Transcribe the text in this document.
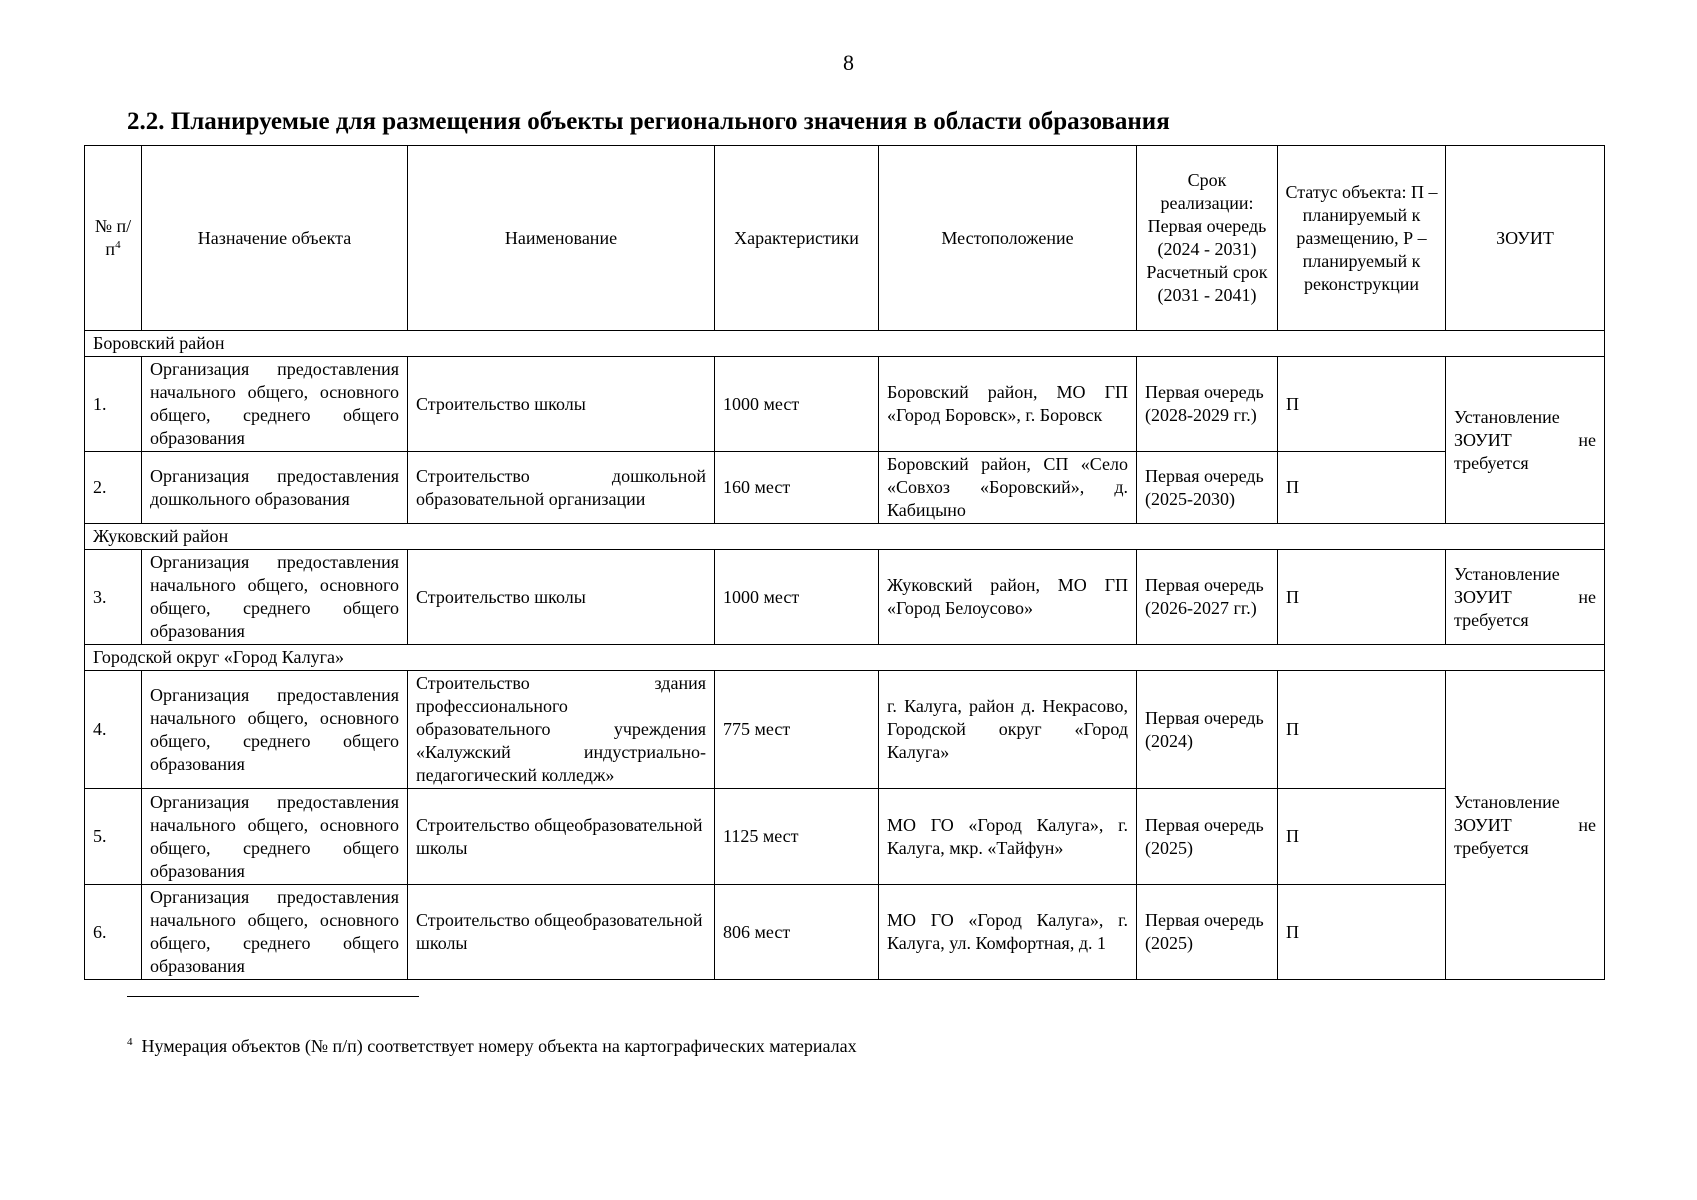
8
2.2. Планируемые для размещения объекты регионального значения в области образования
№ $п/п^4$	Назначение объекта	Наименование	Характеристики	Местоположение	Срок реализации: Первая очередь (2024 - 2031) Расчетный срок (2031 - 2041)	Статус объекта: П – планируемый к размещению, Р – планируемый к реконструкции	ЗОУИТ
Боровский район							
1.	Организация предоставления начального общего, основного общего, среднего общего образования	Строительство школы	1000 мест	Боровский район, МО ГП «Город Боровск», г. Боровск	Первая очередь (2028-2029 гг.)	П	Установление ЗОУИТ не требуется
2.	Организация предоставления дошкольного образования	Строительство дошкольной образовательной организации	160 мест	Боровский район, СП «Село «Совхоз «Боровский», д. Кабицыно	Первая очередь (2025-2030)	П	
Жуковский район							
3.	Организация предоставления начального общего, основного общего, среднего общего образования	Строительство школы	1000 мест	Жуковский район, МО ГП «Город Белоусово»	Первая очередь (2026-2027 гг.)	П	Установление ЗОУИТ не требуется
Городской округ «Город Калуга»							
4.	Организация предоставления начального общего, основного общего, среднего общего образования	Строительство здания профессионального образовательного учреждения «Калужский индустриально-педагогический колледж»	775 мест	г. Калуга, район д. Некрасово, Городской округ «Город Калуга»	Первая очередь (2024)	П	Установление ЗОУИТ не требуется
5.	Организация предоставления начального общего, основного общего, среднего общего образования	Строительство общеобразовательной школы	1125 мест	МО ГО «Город Калуга», г. Калуга, мкр. «Тайфун»	Первая очередь (2025)	П	
6.	Организация предоставления начального общего, основного общего, среднего общего образования	Строительство общеобразовательной школы	806 мест	МО ГО «Город Калуга», г. Калуга, ул. Комфортная, д. 1	Первая очередь (2025)	П	
$^4$ Нумерация объектов (№ п/п) соответствует номеру объекта на картографических материалах
